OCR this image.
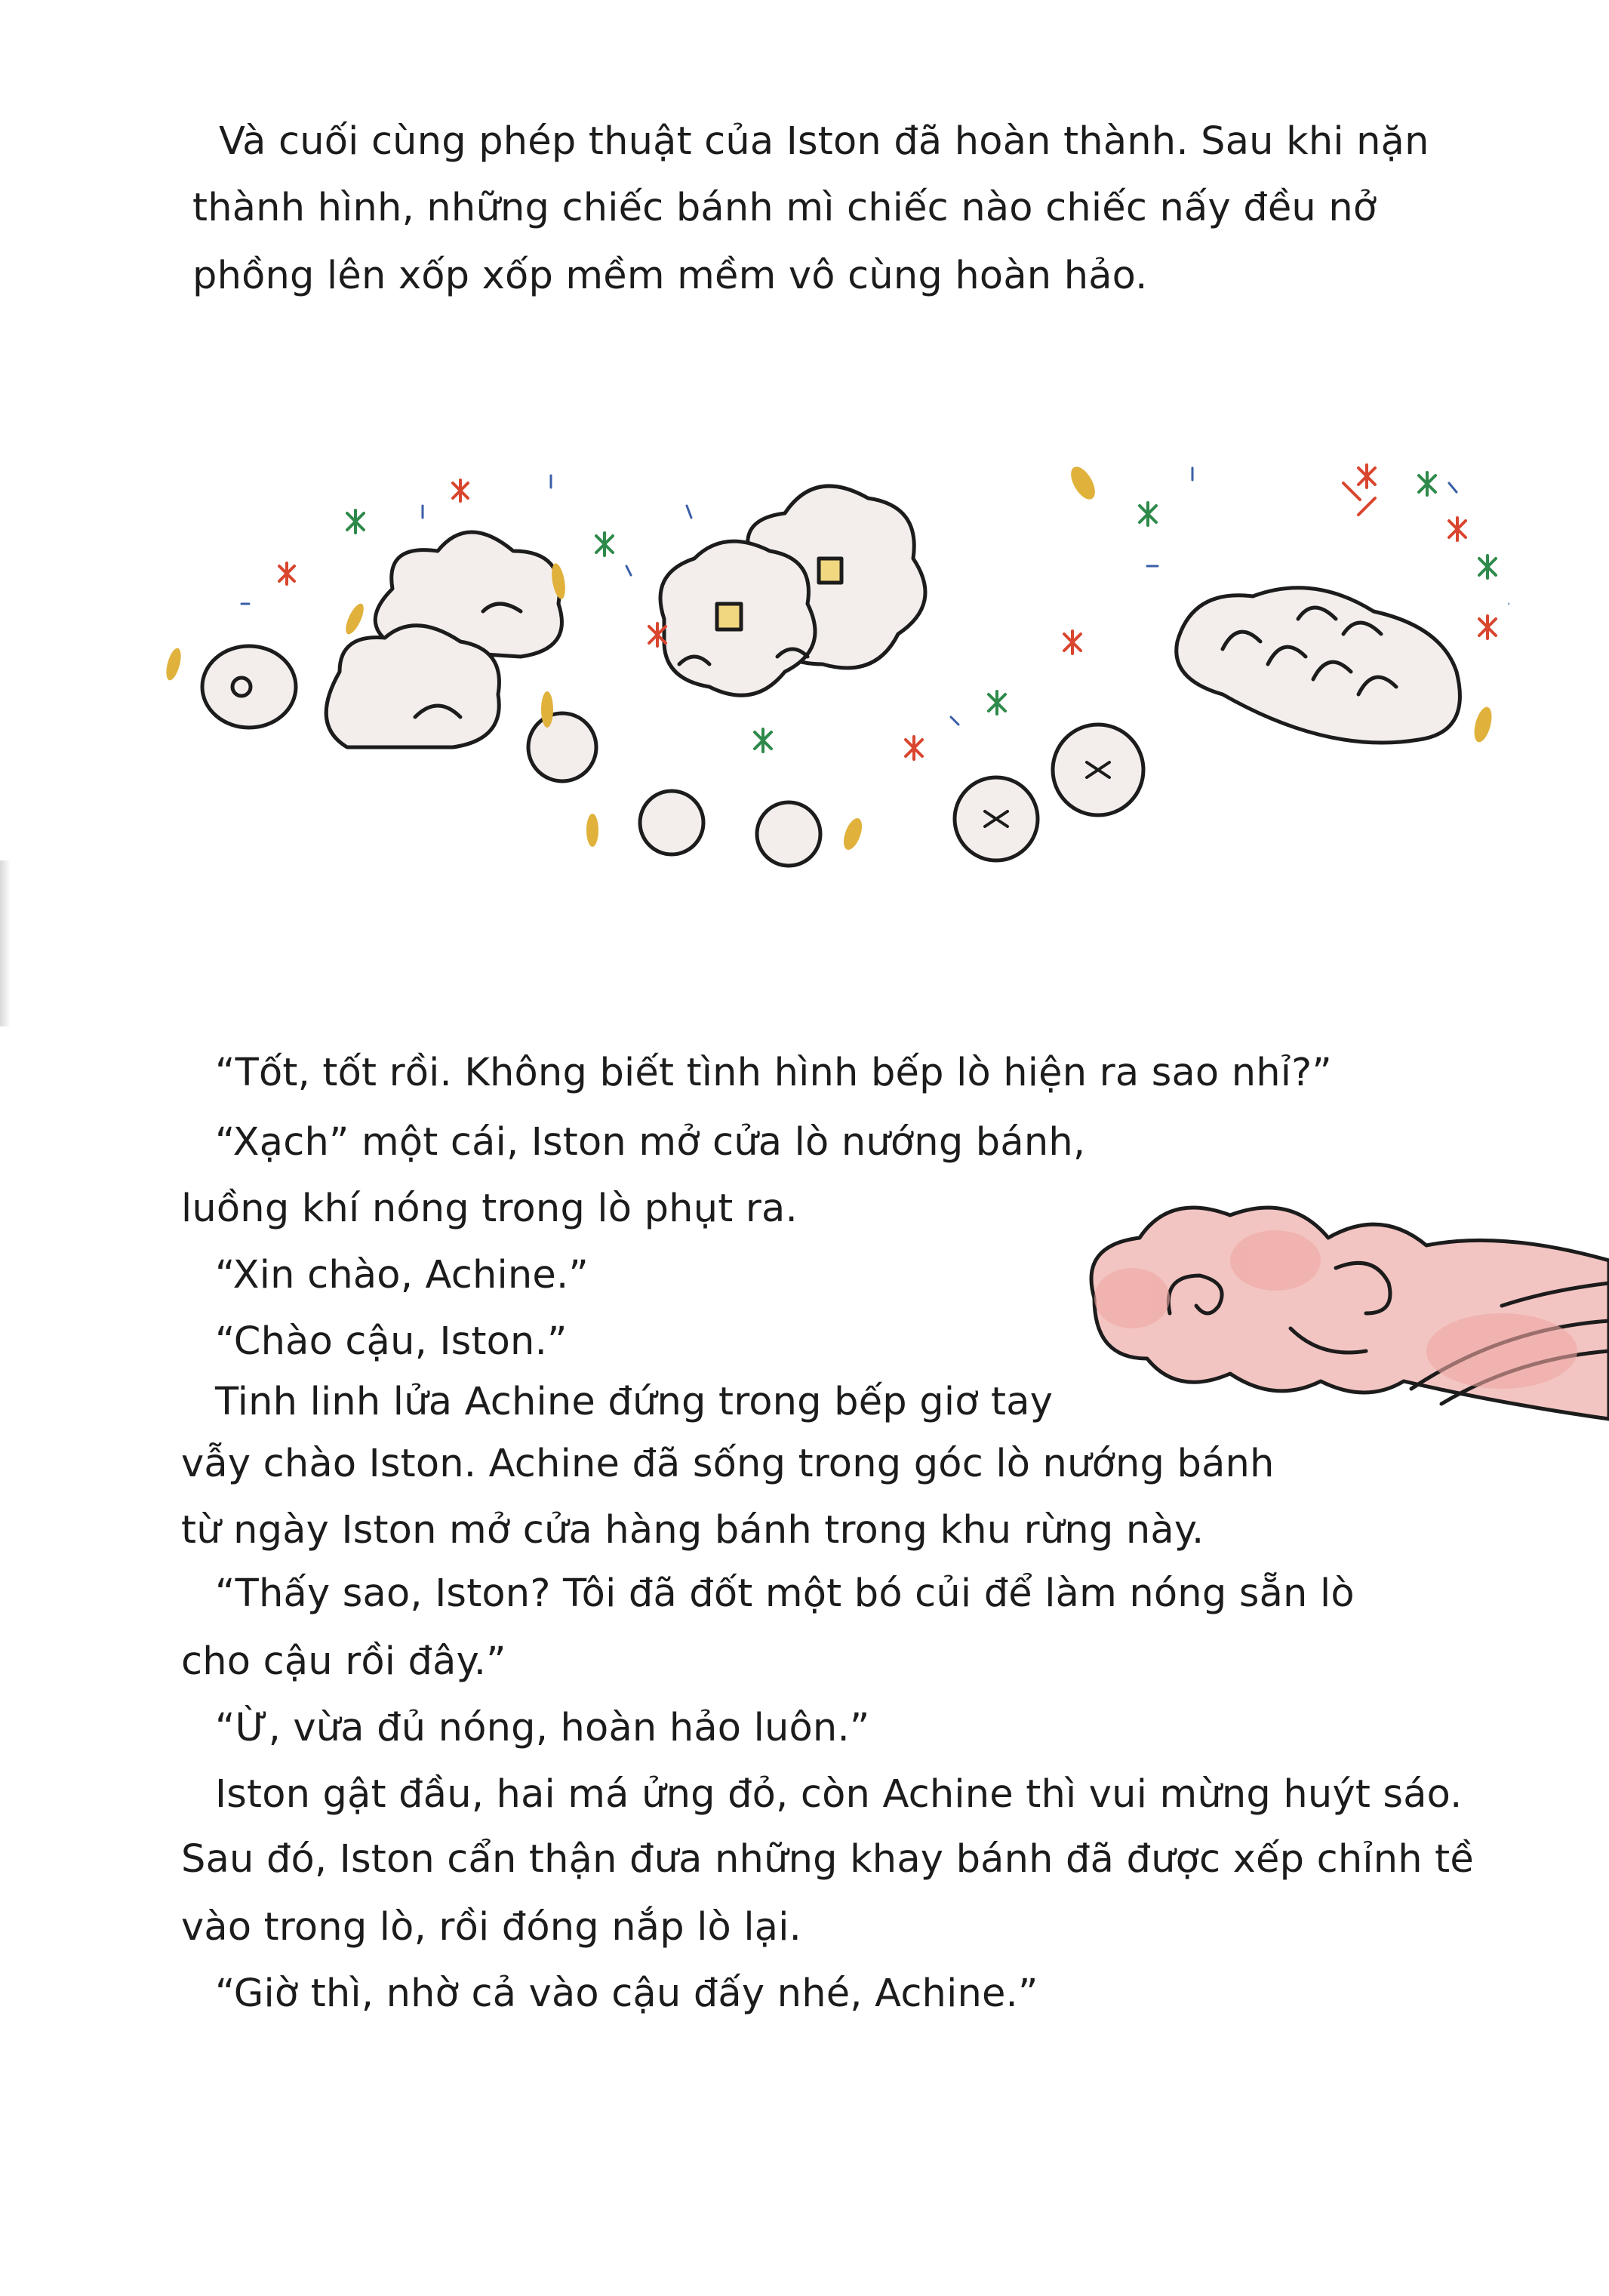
Và cuối cùng phép thuật của Iston đã hoàn thành. Sau khi nặn
thành hình, những chiếc bánh mì chiếc nào chiếc nấy đều nở
phồng lên xốp xốp mềm mềm vô cùng hoàn hảo.
“Tốt, tốt rồi. Không biết tình hình bếp lò hiện ra sao nhỉ?”
“Xạch” một cái, Iston mở cửa lò nướng bánh,
luồng khí nóng trong lò phụt ra.
“Xin chào, Achine.”
“Chào cậu, Iston.”
Tinh linh lửa Achine đứng trong bếp giơ tay
vẫy chào Iston. Achine đã sống trong góc lò nướng bánh
từ ngày Iston mở cửa hàng bánh trong khu rừng này.
“Thấy sao, Iston? Tôi đã đốt một bó củi để làm nóng sẵn lò
cho cậu rồi đây.”
“Ừ, vừa đủ nóng, hoàn hảo luôn.”
Iston gật đầu, hai má ửng đỏ, còn Achine thì vui mừng huýt sáo.
Sau đó, Iston cẩn thận đưa những khay bánh đã được xếp chỉnh tề
vào trong lò, rồi đóng nắp lò lại.
“Giờ thì, nhờ cả vào cậu đấy nhé, Achine.”
